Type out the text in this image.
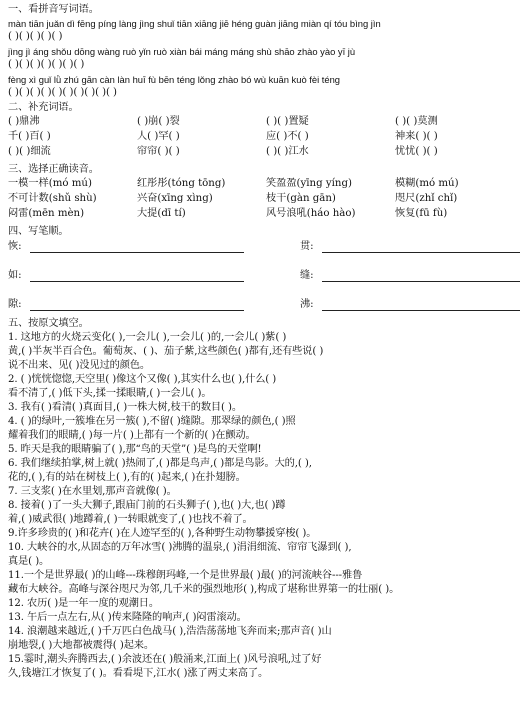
一、看拼音写词语。
màn tiān juǎn dì fēng píng làng jìng shuǐ tiān xiāng jiē héng guàn jiāng miàn qí tóu bìng jìn
( )( )( )( )( )
jìng jì áng shǒu dōng wàng ruò yǐn ruò xiàn bái máng máng shù shāo zhào yào yī jù
( )( )( )( )( )( )( )
fèng xì guǐ lǜ zhú gān càn làn huī fù bēn téng lǒng zhào bó wù kuān kuò fèi téng
( )( )( )( )( )( )( )( )( )( )
二、补充词语。
( )鼎沸	( )崩( )裂	( )( )置疑	( )( )莫测
千( )百( )	人( )罕( )	应( )不( )	神来( )( )
( )( )细流	帘帘( )( )	( )( )江水	忧忧( )( )
三、选择正确读音。
一模一样(mó mú)	红彤彤(tóng tōng)	笑盈盈(yīng yíng)	模糊(mó mú)
不可计数(shǔ shù)	兴奋(xīng xìng)	枝干(gàn gān)	咫尺(zhǐ chǐ)
闷雷(mēn mèn)	大提(dī tí)	风号浪吼(háo hào)	恢复(fū fù)
四、写笔顺。
恢:	贯:
如:	缝:
隙:	沸:
五、按原文填空。
1. 这地方的火烧云变化( ),一会儿( ),一会儿( )的,一会儿( )紫( )
黄,( )半灰半百合色。葡萄灰、( )、茄子紫,这些颜色( )都有,还有些说( )
说不出来、见( )没见过的颜色。
2. ( )恍恍惚惚,天空里( )像这个又像( ),其实什么也( ),什么( )
看不清了,( )低下头,揉一揉眼睛,( )一会儿( )。
3. 我有( )看清( )真面目,( )一株大树,枝干的数目( )。
4. ( )的绿叶,一簇堆在另一簇( ),不留( )缝隙。那翠绿的颜色,( )照
耀着我们的眼睛,( )每一片( )上都有一个新的( )在颤动。
5. 昨天是我的眼睛骗了( ),那“鸟的天堂”( )是鸟的天堂啊!
6. 我们继续拍掌,树上就( )热闹了,( )都是鸟声,( )都是鸟影。大的,( ),
花的,( ),有的站在树枝上( ),有的( )起来,( )在扑翅膀。
7. 三支浆( )在水里划,那声音就像( )。
8. 接着( )了一头大狮子,跟庙门前的石头狮子( ),也( )大,也( )蹲
着,( )威武很( )地蹲着,( )一转眼就变了,( )也找不着了。
9.许多珍贵的( )和花卉( )在人迹罕至的( ),各种野生动物攀援穿梭( )。
10. 大峡谷的水,从固态的万年冰雪( )沸腾的温泉,( )涓涓细流、帘帘飞瀑到( ),
真是( )。
11.一个是世界最( )的山峰---珠穆朗玛峰,一个是世界最( )最( )的河流峡谷---雅鲁
藏布大峡谷。高峰与深谷咫尺为邻,几千米的强烈地形( ),构成了堪称世界第一的壮丽( )。
12. 农历( )是一年一度的观潮日。
13. 午后一点左右,从( )传来隆隆的响声,( )闷雷滚动。
14. 浪潮越来越近,( )千万匹白色战马( ),浩浩荡荡地飞奔而来;那声音( )山
崩地裂,( )大地都被震得( )起来。
15.霎时,潮头奔腾西去,( )余波还在( )般涌来,江面上( )风号浪吼,过了好
久,钱塘江才恢复了( )。看看堤下,江水( )涨了两丈来高了。
